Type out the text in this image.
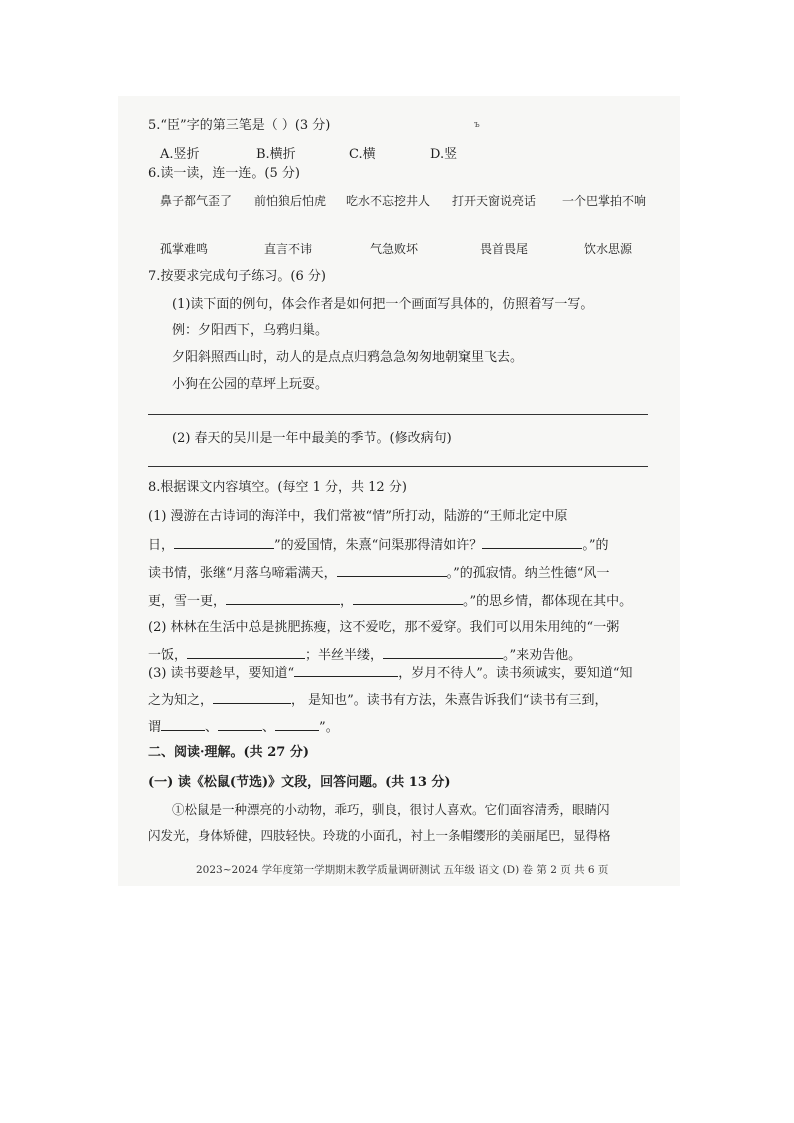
5.“臣”字的第三笔是（ ）(3 分)	ъ
A.竖折	B.横折	C.横	D.竖
6.读一读，连一连。(5 分)
鼻子都气歪了 前怕狼后怕虎 吃水不忘挖井人 打开天窗说亮话 一个巴掌拍不响
孤掌难鸣	直言不讳	气急败坏	畏首畏尾	饮水思源
7.按要求完成句子练习。(6 分)
(1)读下面的例句，体会作者是如何把一个画面写具体的，仿照着写一写。
例：夕阳西下，乌鸦归巢。
夕阳斜照西山时，动人的是点点归鸦急急匆匆地朝窠里飞去。
小狗在公园的草坪上玩耍。
(2) 春天的吴川是一年中最美的季节。(修改病句)
8.根据课文内容填空。(每空 1 分，共 12 分)
(1) 漫游在古诗词的海洋中，我们常被“情”所打动，陆游的“王师北定中原
日，	”的爱国情，朱熹“问渠那得清如许？	。”的
读书情，张继“月落乌啼霜满天，	。”的孤寂情。纳兰性德“风一
更，雪一更，	，	。”的思乡情，都体现在其中。
(2) 林林在生活中总是挑肥拣瘦，这不爱吃，那不爱穿。我们可以用朱用纯的“一粥
一饭，	；半丝半缕，	。”来劝告他。
(3) 读书要趁早，要知道“	，岁月不待人”。读书须诚实，要知道“知
之为知之，	， 是知也”。读书有方法，朱熹告诉我们“读书有三到，
谓	、	、	”。
二、阅读·理解。(共 27 分)
(一) 读《松鼠(节选)》文段，回答问题。(共 13 分)
①松鼠是一种漂亮的小动物，乖巧，驯良，很讨人喜欢。它们面容清秀，眼睛闪
闪发光，身体矫健，四肢轻快。玲珑的小面孔，衬上一条帽缨形的美丽尾巴，显得格
2023~2024 学年度第一学期期末教学质量调研测试 五年级 语文 (D) 卷 第 2 页 共 6 页
